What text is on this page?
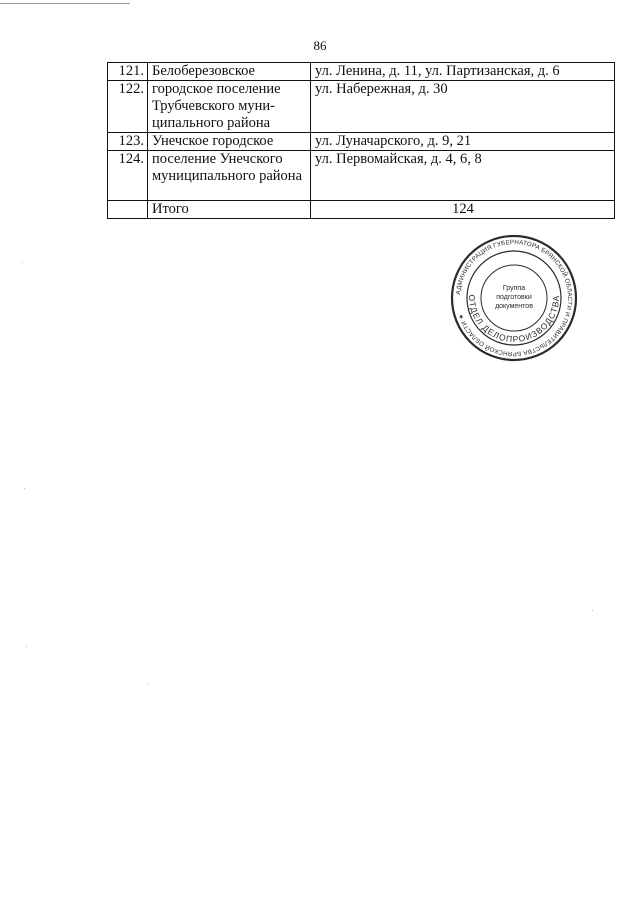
86
121.	Белоберезовское	ул. Ленина, д. 11, ул. Партизанская, д. 6
122.	городское поселение Трубчевского муни-ципального района	ул. Набережная, д. 30
123.	Унечское городское	ул. Луначарского, д. 9, 21
124.	поселение Унечского муниципального района	ул. Первомайская, д. 4, 6, 8
	Итого	124
АДМИНИСТРАЦИЯ ГУБЕРНАТОРА БРЯНСКОЙ ОБЛАСТИ И ПРАВИТЕЛЬСТВА БРЯНСКОЙ ОБЛАСТИ ★
ОТДЕЛ ДЕЛОПРОИЗВОДСТВА
Группа
подготовки
документов
